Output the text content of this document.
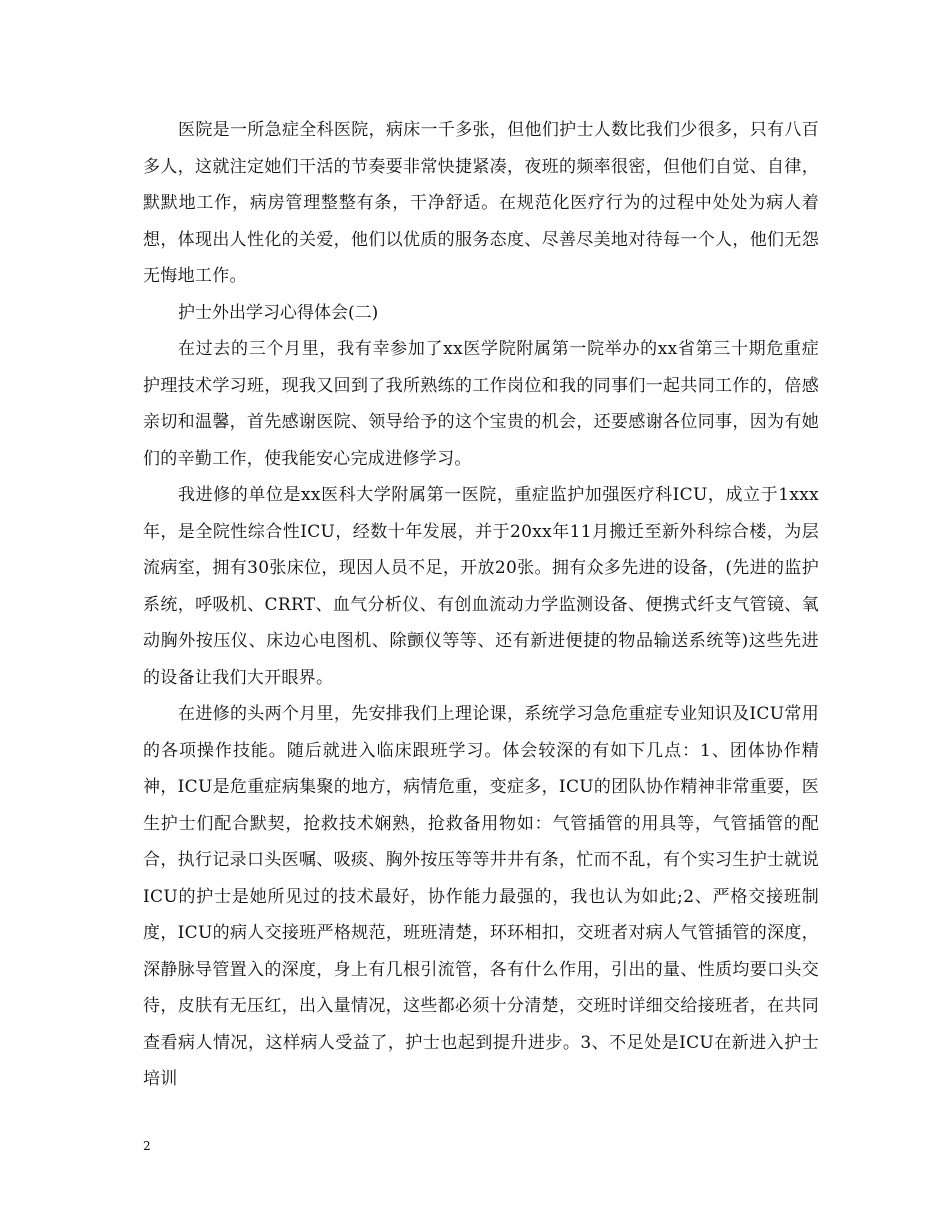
医院是一所急症全科医院，病床一千多张，但他们护士人数比我们少很多，只有八百多人，这就注定她们干活的节奏要非常快捷紧凑，夜班的频率很密，但他们自觉、自律，默默地工作，病房管理整整有条，干净舒适。在规范化医疗行为的过程中处处为病人着想，体现出人性化的关爱，他们以优质的服务态度、尽善尽美地对待每一个人，他们无怨无悔地工作。

护士外出学习心得体会(二)

在过去的三个月里，我有幸参加了xx医学院附属第一院举办的xx省第三十期危重症护理技术学习班，现我又回到了我所熟练的工作岗位和我的同事们一起共同工作的，倍感亲切和温馨，首先感谢医院、领导给予的这个宝贵的机会，还要感谢各位同事，因为有她们的辛勤工作，使我能安心完成进修学习。

我进修的单位是xx医科大学附属第一医院，重症监护加强医疗科ICU，成立于1xxx年，是全院性综合性ICU，经数十年发展，并于20xx年11月搬迁至新外科综合楼，为层流病室，拥有30张床位，现因人员不足，开放20张。拥有众多先进的设备，(先进的监护系统，呼吸机、CRRT、血气分析仪、有创血流动力学监测设备、便携式纤支气管镜、氧动胸外按压仪、床边心电图机、除颤仪等等、还有新进便捷的物品输送系统等)这些先进的设备让我们大开眼界。

在进修的头两个月里，先安排我们上理论课，系统学习急危重症专业知识及ICU常用的各项操作技能。随后就进入临床跟班学习。体会较深的有如下几点：1、团体协作精神，ICU是危重症病集聚的地方，病情危重，变症多，ICU的团队协作精神非常重要，医生护士们配合默契，抢救技术娴熟，抢救备用物如：气管插管的用具等，气管插管的配合，执行记录口头医嘱、吸痰、胸外按压等等井井有条，忙而不乱，有个实习生护士就说ICU的护士是她所见过的技术最好，协作能力最强的，我也认为如此;2、严格交接班制度，ICU的病人交接班严格规范，班班清楚，环环相扣，交班者对病人气管插管的深度，深静脉导管置入的深度，身上有几根引流管，各有什么作用，引出的量、性质均要口头交待，皮肤有无压红，出入量情况，这些都必须十分清楚，交班时详细交给接班者，在共同查看病人情况，这样病人受益了，护士也起到提升进步。3、不足处是ICU在新进入护士培训

2
